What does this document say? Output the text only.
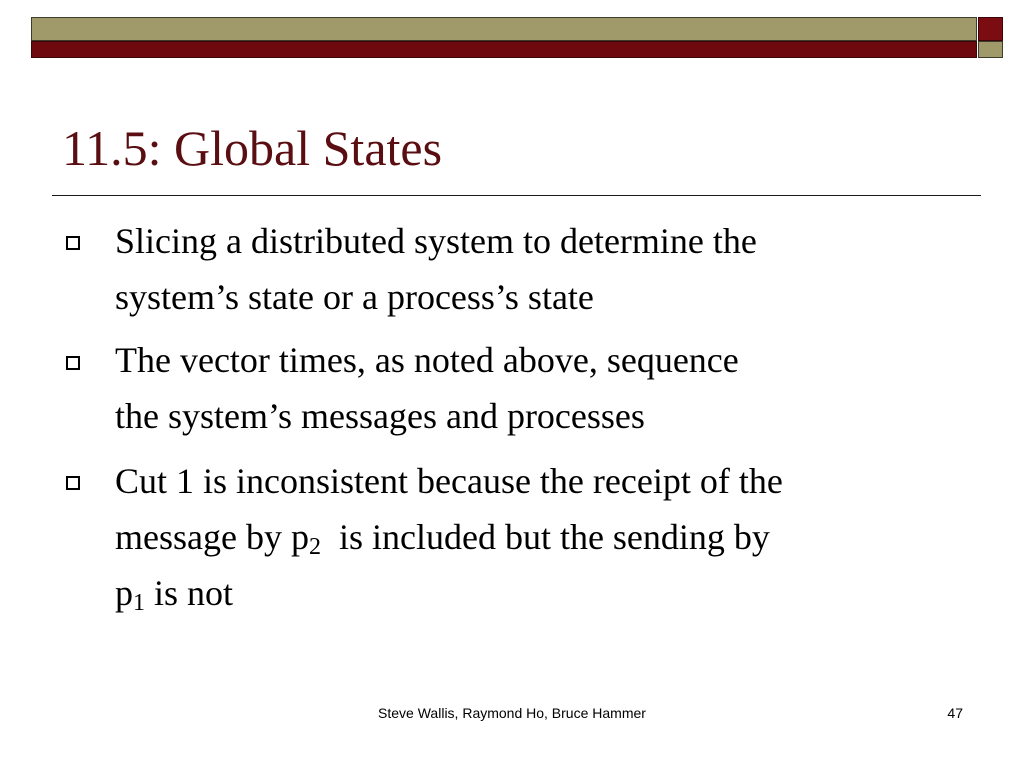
11.5: Global States
Slicing a distributed system to determine the
system’s state or a process’s state
The vector times, as noted above, sequence
the system’s messages and processes
Cut 1 is inconsistent because the receipt of the
message by $p_2$  is included but the sending by
$p_1$ is not
Steve Wallis, Raymond Ho, Bruce Hammer	47
